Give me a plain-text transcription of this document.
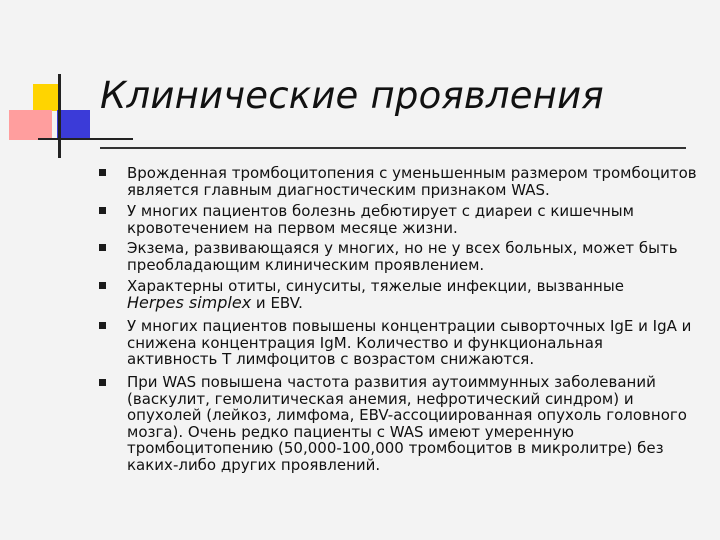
Клинические проявления
Врожденная тромбоцитопения с уменьшенным размером тромбоцитов является главным диагностическим признаком WAS.
У многих пациентов болезнь дебютирует с диареи с кишечным кровотечением на первом месяце жизни.
Экзема, развивающаяся у многих, но не у всех больных, может быть преобладающим клиническим проявлением.
Характерны отиты, синуситы, тяжелые инфекции, вызванные
Herpes simplex и EBV.
У многих пациентов повышены концентрации сыворточных IgE и IgA и снижена концентрация IgM. Количество и функциональная активность Т лимфоцитов с возрастом снижаются.
При WAS повышена частота развития аутоиммунных заболеваний (васкулит, гемолитическая анемия, нефротический синдром) и опухолей (лейкоз, лимфома, EBV-ассоциированная опухоль головного мозга). Очень редко пациенты с WAS имеют умеренную тромбоцитопению (50,000-100,000 тромбоцитов в микролитре) без каких-либо других проявлений.
